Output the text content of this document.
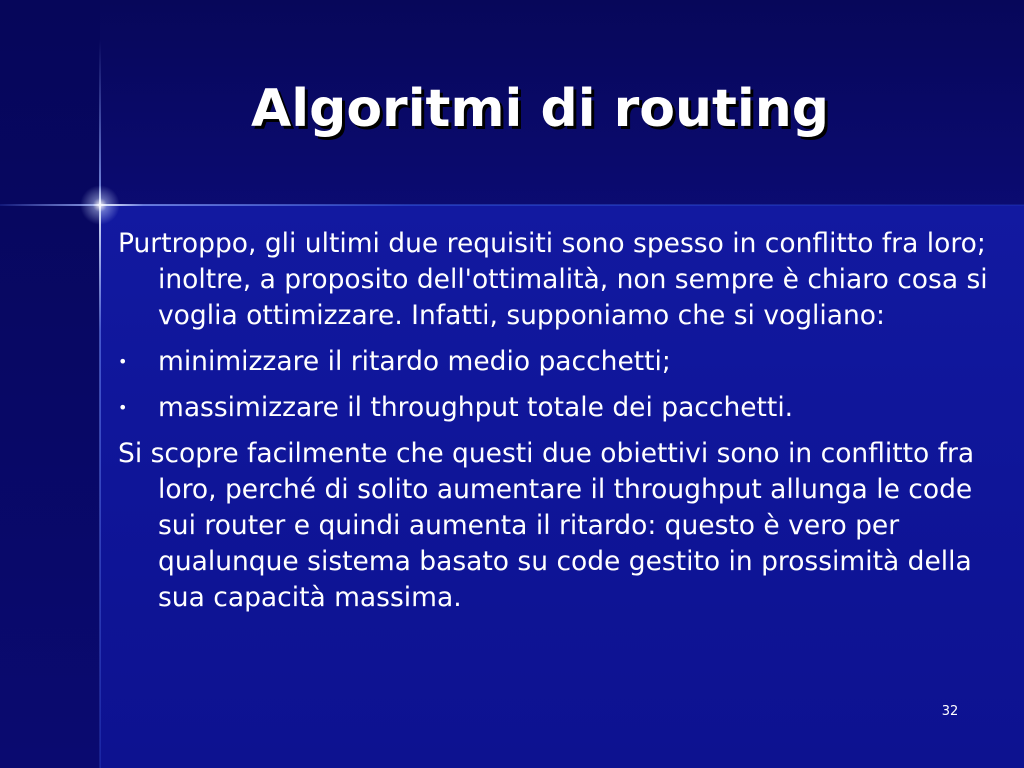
Algoritmi di routing

Purtroppo, gli ultimi due requisiti sono spesso in conflitto fra loro; inoltre, a proposito dell'ottimalità, non sempre è chiaro cosa si voglia ottimizzare. Infatti, supponiamo che si vogliano:

•	minimizzare il ritardo medio pacchetti;
•	massimizzare il throughput totale dei pacchetti.

Si scopre facilmente che questi due obiettivi sono in conflitto fra loro, perché di solito aumentare il throughput allunga le code sui router e quindi aumenta il ritardo: questo è vero per qualunque sistema basato su code gestito in prossimità della sua capacità massima.

32
